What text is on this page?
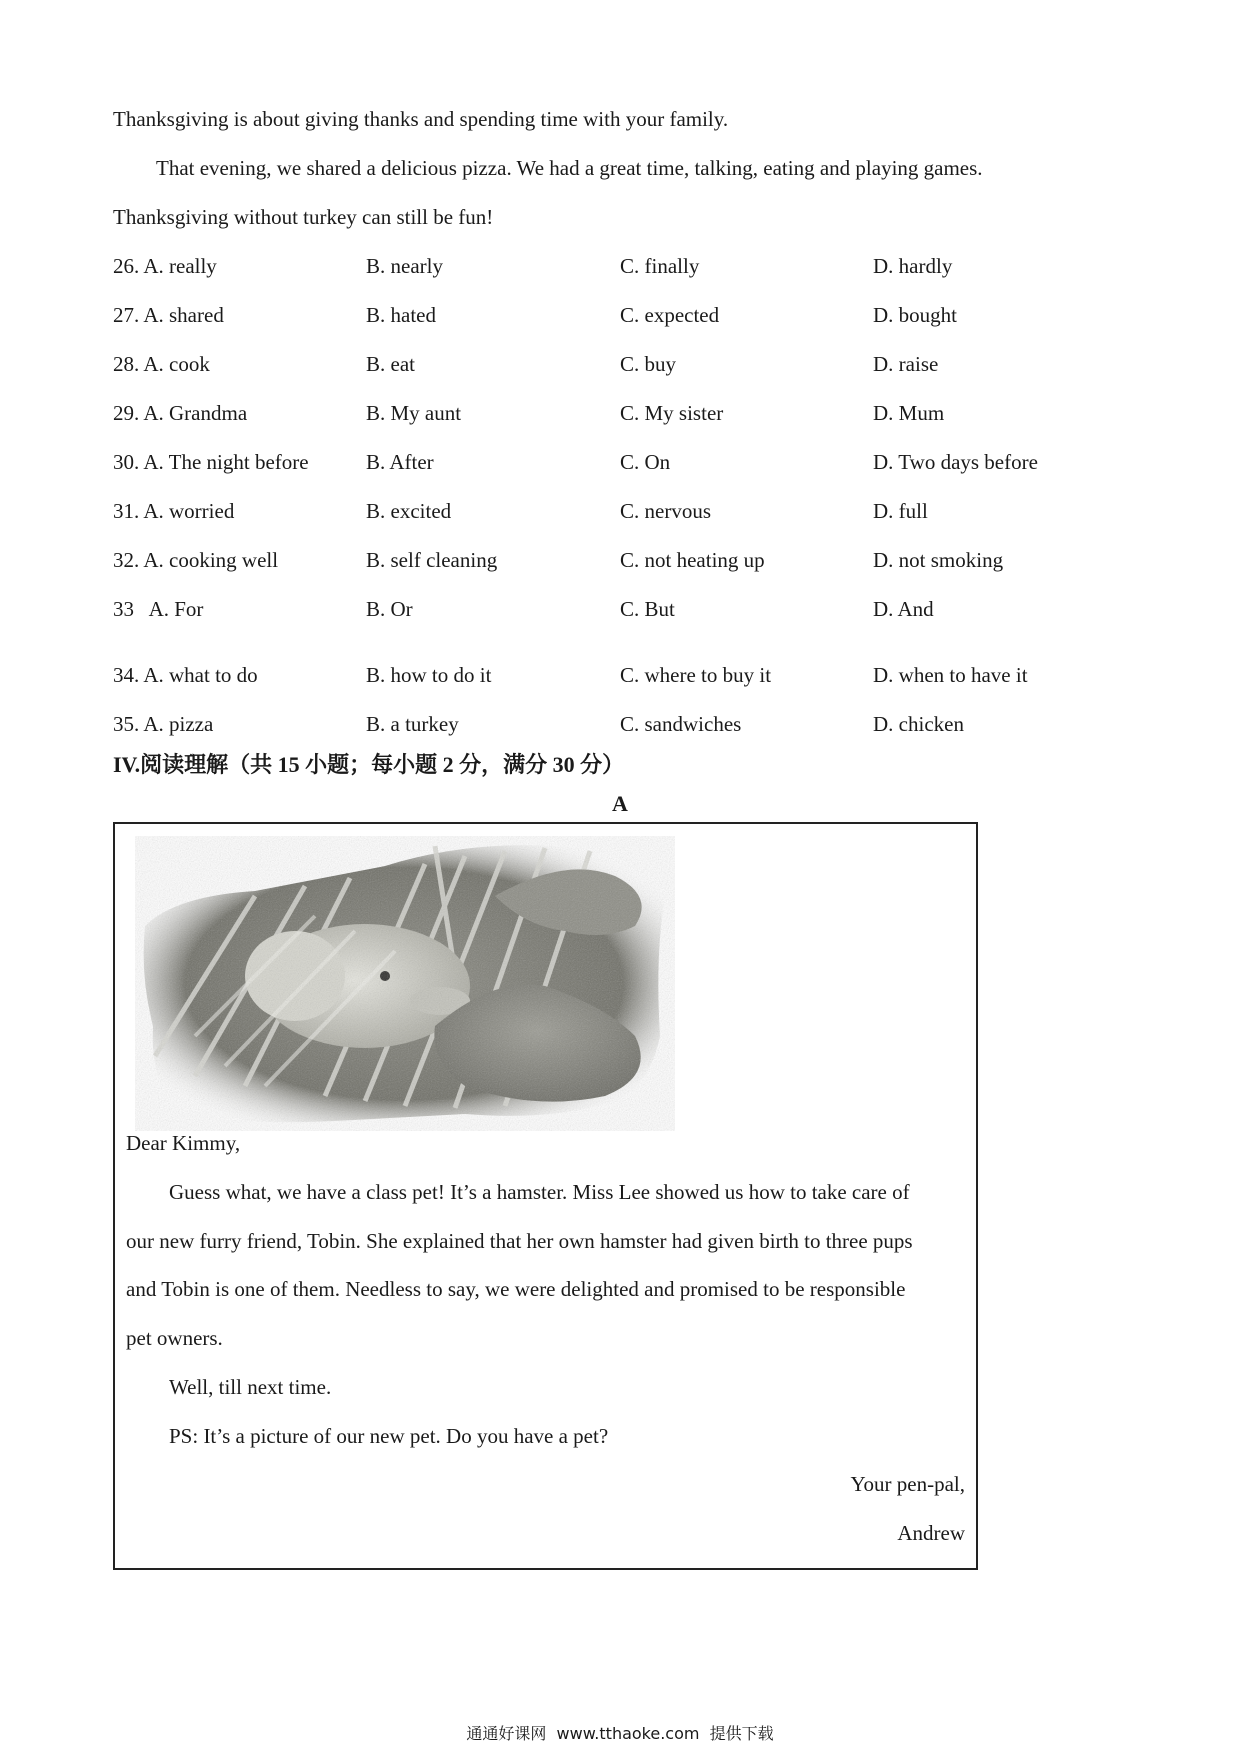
Thanksgiving is about giving thanks and spending time with your family.
That evening, we shared a delicious pizza. We had a great time, talking, eating and playing games.
Thanksgiving without turkey can still be fun!
26. A. really	B. nearly	C. finally	D. hardly
27. A. shared	B. hated	C. expected	D. bought
28. A. cook	B. eat	C. buy	D. raise
29. A. Grandma	B. My aunt	C. My sister	D. Mum
30. A. The night before	B. After	C. On	D. Two days before
31. A. worried	B. excited	C. nervous	D. full
32. A. cooking well	B. self cleaning	C. not heating up	D. not smoking
33   A. For	B. Or	C. But	D. And
34. A. what to do	B. how to do it	C. where to buy it	D. when to have it
35. A. pizza	B. a turkey	C. sandwiches	D. chicken
IV.阅读理解（共 15 小题；每小题 2 分，满分 30 分）
A
Dear Kimmy,
Guess what, we have a class pet! It’s a hamster. Miss Lee showed us how to take care of
our new furry friend, Tobin. She explained that her own hamster had given birth to three pups
and Tobin is one of them. Needless to say, we were delighted and promised to be responsible
pet owners.
Well, till next time.
PS: It’s a picture of our new pet. Do you have a pet?
Your pen-pal,
Andrew
通通好课网  www.tthaoke.com  提供下载
